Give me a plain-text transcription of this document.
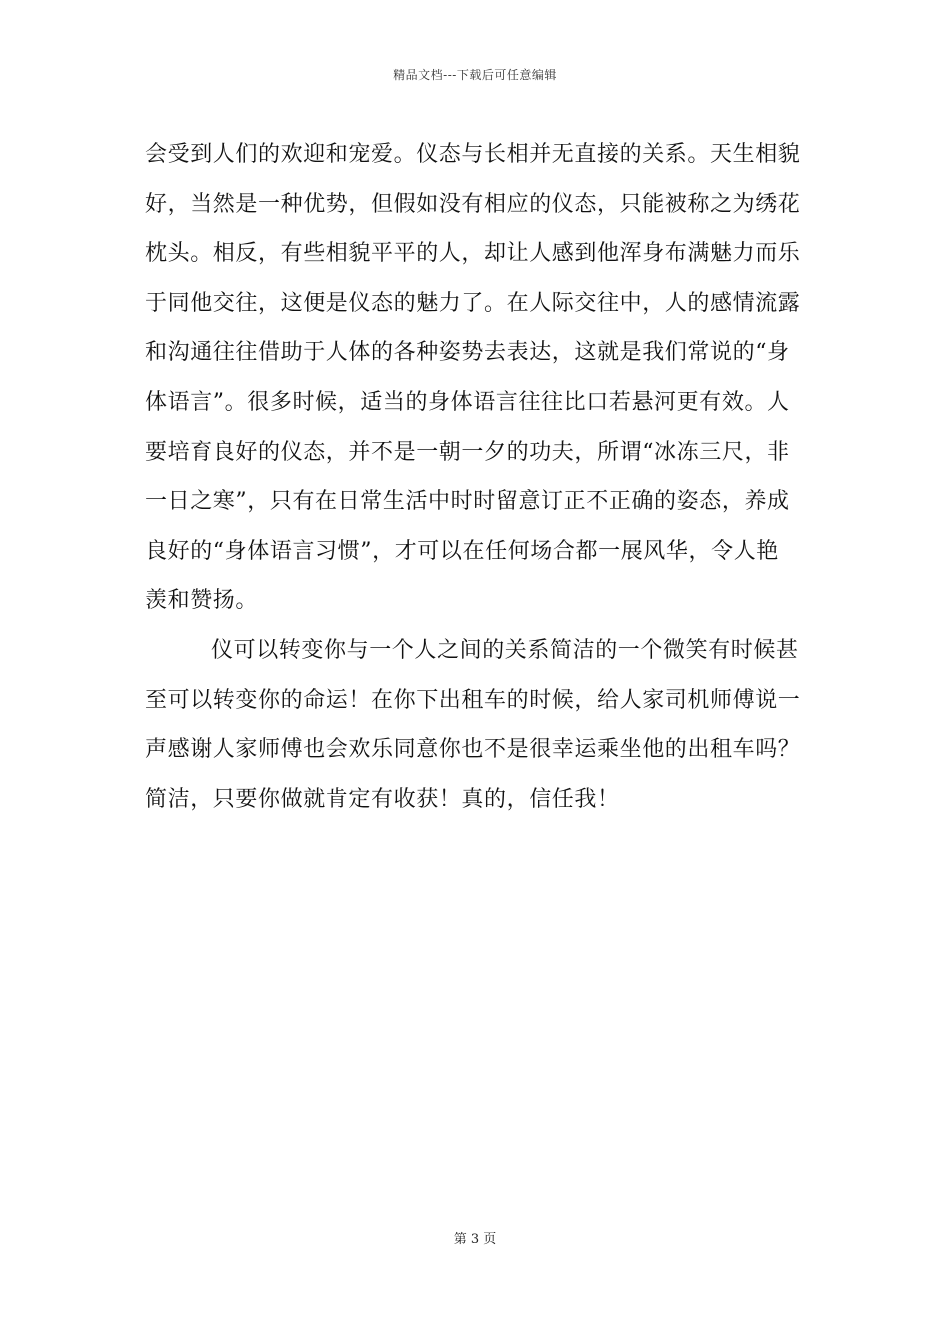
精品文档---下载后可任意编辑
会受到人们的欢迎和宠爱。仪态与长相并无直接的关系。天生相貌
好，当然是一种优势，但假如没有相应的仪态，只能被称之为绣花
枕头。相反，有些相貌平平的人，却让人感到他浑身布满魅力而乐
于同他交往，这便是仪态的魅力了。在人际交往中，人的感情流露
和沟通往往借助于人体的各种姿势去表达，这就是我们常说的“身
体语言”。很多时候，适当的身体语言往往比口若悬河更有效。人
要培育良好的仪态，并不是一朝一夕的功夫，所谓“冰冻三尺，非
一日之寒”，只有在日常生活中时时留意订正不正确的姿态，养成
良好的“身体语言习惯”，才可以在任何场合都一展风华，令人艳
羡和赞扬。
仪可以转变你与一个人之间的关系简洁的一个微笑有时候甚
至可以转变你的命运！在你下出租车的时候，给人家司机师傅说一
声感谢人家师傅也会欢乐同意你也不是很幸运乘坐他的出租车吗？
简洁，只要你做就肯定有收获！真的，信任我！
第 3 页
